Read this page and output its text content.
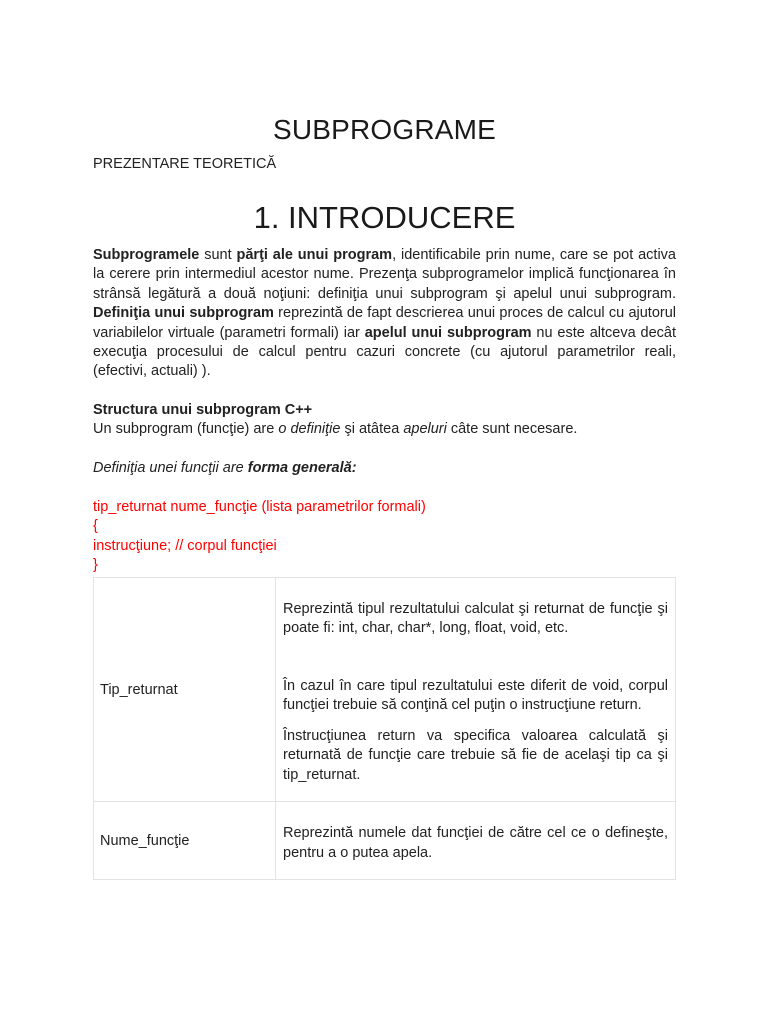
SUBPROGRAME

PREZENTARE TEORETICĂ

1. INTRODUCERE

Subprogramele sunt părţi ale unui program, identificabile prin nume, care se pot activa la cerere prin intermediul acestor nume. Prezenţa subprogramelor implică funcţionarea în strânsă legătură a două noţiuni: definiţia unui subprogram şi apelul unui subprogram. Definiţia unui subprogram reprezintă de fapt descrierea unui proces de calcul cu ajutorul variabilelor virtuale (parametri formali) iar apelul unui subprogram nu este altceva decât execuţia procesului de calcul pentru cazuri concrete (cu ajutorul parametrilor reali, (efectivi, actuali) ).

Structura unui subprogram C++

Un subprogram (funcţie) are o definiţie şi atâtea apeluri câte sunt necesare.

Definiţia unei funcţii are forma generală:

tip_returnat nume_funcţie (lista parametrilor formali)
{
instrucţiune; // corpul funcţiei
}
Tip_returnat	Reprezintă tipul rezultatului calculat şi returnat de funcţie şi poate fi: int, char, char*, long, float, void, etc.

În cazul în care tipul rezultatului este diferit de void, corpul funcţiei trebuie să conţină cel puţin o instrucţiune return.

Înstrucţiunea return va specifica valoarea calculată şi returnată de funcţie care trebuie să fie de acelaşi tip ca şi tip_returnat.

Nume_funcţie	Reprezintă numele dat funcţiei de către cel ce o defineşte, pentru a o putea apela.
